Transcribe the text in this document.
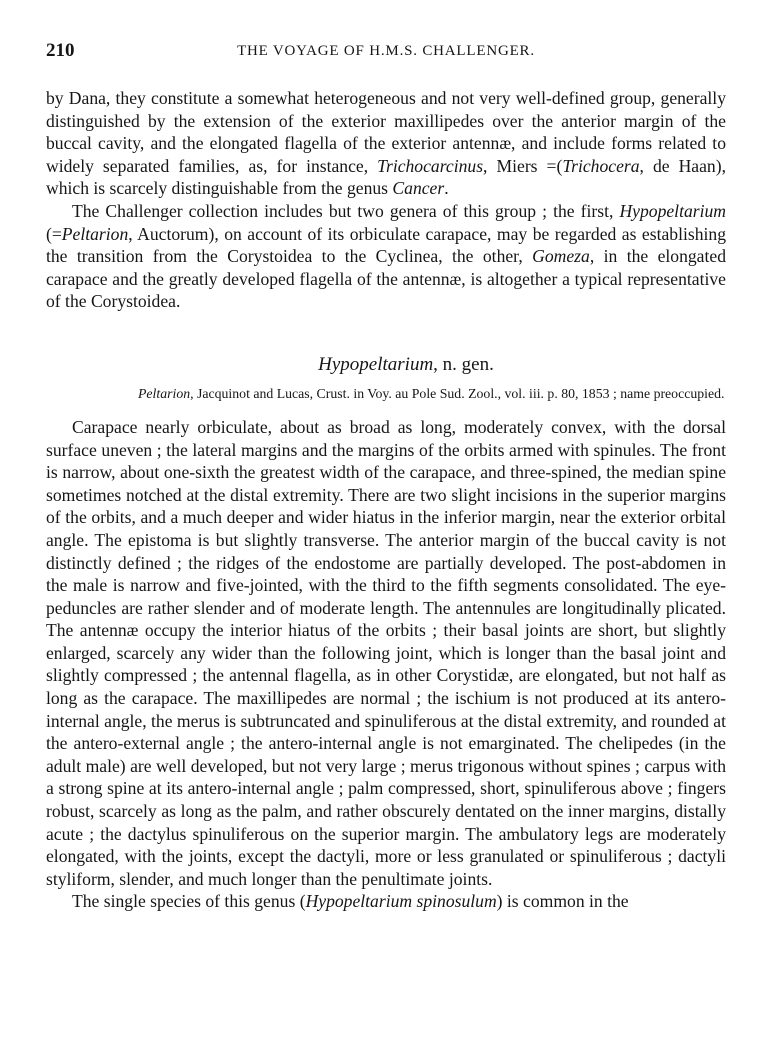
210	THE VOYAGE OF H.M.S. CHALLENGER.

by Dana, they constitute a somewhat heterogeneous and not very well-defined group, generally distinguished by the extension of the exterior maxillipedes over the anterior margin of the buccal cavity, and the elongated flagella of the exterior antennæ, and include forms related to widely separated families, as, for instance, Trichocarcinus, Miers =(Trichocera, de Haan), which is scarcely distinguishable from the genus Cancer.

The Challenger collection includes but two genera of this group ; the first, Hypopeltarium (=Peltarion, Auctorum), on account of its orbiculate carapace, may be regarded as establishing the transition from the Corystoidea to the Cyclinea, the other, Gomeza, in the elongated carapace and the greatly developed flagella of the antennæ, is altogether a typical representative of the Corystoidea.

Hypopeltarium, n. gen.

Peltarion, Jacquinot and Lucas, Crust. in Voy. au Pole Sud. Zool., vol. iii. p. 80, 1853 ; name preoccupied.

Carapace nearly orbiculate, about as broad as long, moderately convex, with the dorsal surface uneven ; the lateral margins and the margins of the orbits armed with spinules. The front is narrow, about one-sixth the greatest width of the carapace, and three-spined, the median spine sometimes notched at the distal extremity. There are two slight incisions in the superior margins of the orbits, and a much deeper and wider hiatus in the inferior margin, near the exterior orbital angle. The epistoma is but slightly transverse. The anterior margin of the buccal cavity is not distinctly defined ; the ridges of the endostome are partially developed. The post-abdomen in the male is narrow and five-jointed, with the third to the fifth segments consolidated. The eye-peduncles are rather slender and of moderate length. The antennules are longitudinally plicated. The antennæ occupy the interior hiatus of the orbits ; their basal joints are short, but slightly enlarged, scarcely any wider than the following joint, which is longer than the basal joint and slightly compressed ; the antennal flagella, as in other Corystidæ, are elongated, but not half as long as the carapace. The maxillipedes are normal ; the ischium is not produced at its antero-internal angle, the merus is subtruncated and spinuliferous at the distal extremity, and rounded at the antero-external angle ; the antero-internal angle is not emarginated. The chelipedes (in the adult male) are well developed, but not very large ; merus trigonous without spines ; carpus with a strong spine at its antero-internal angle ; palm compressed, short, spinuliferous above ; fingers robust, scarcely as long as the palm, and rather obscurely dentated on the inner margins, distally acute ; the dactylus spinuliferous on the superior margin. The ambulatory legs are moderately elongated, with the joints, except the dactyli, more or less granulated or spinuliferous ; dactyli styliform, slender, and much longer than the penultimate joints.

The single species of this genus (Hypopeltarium spinosulum) is common in the
